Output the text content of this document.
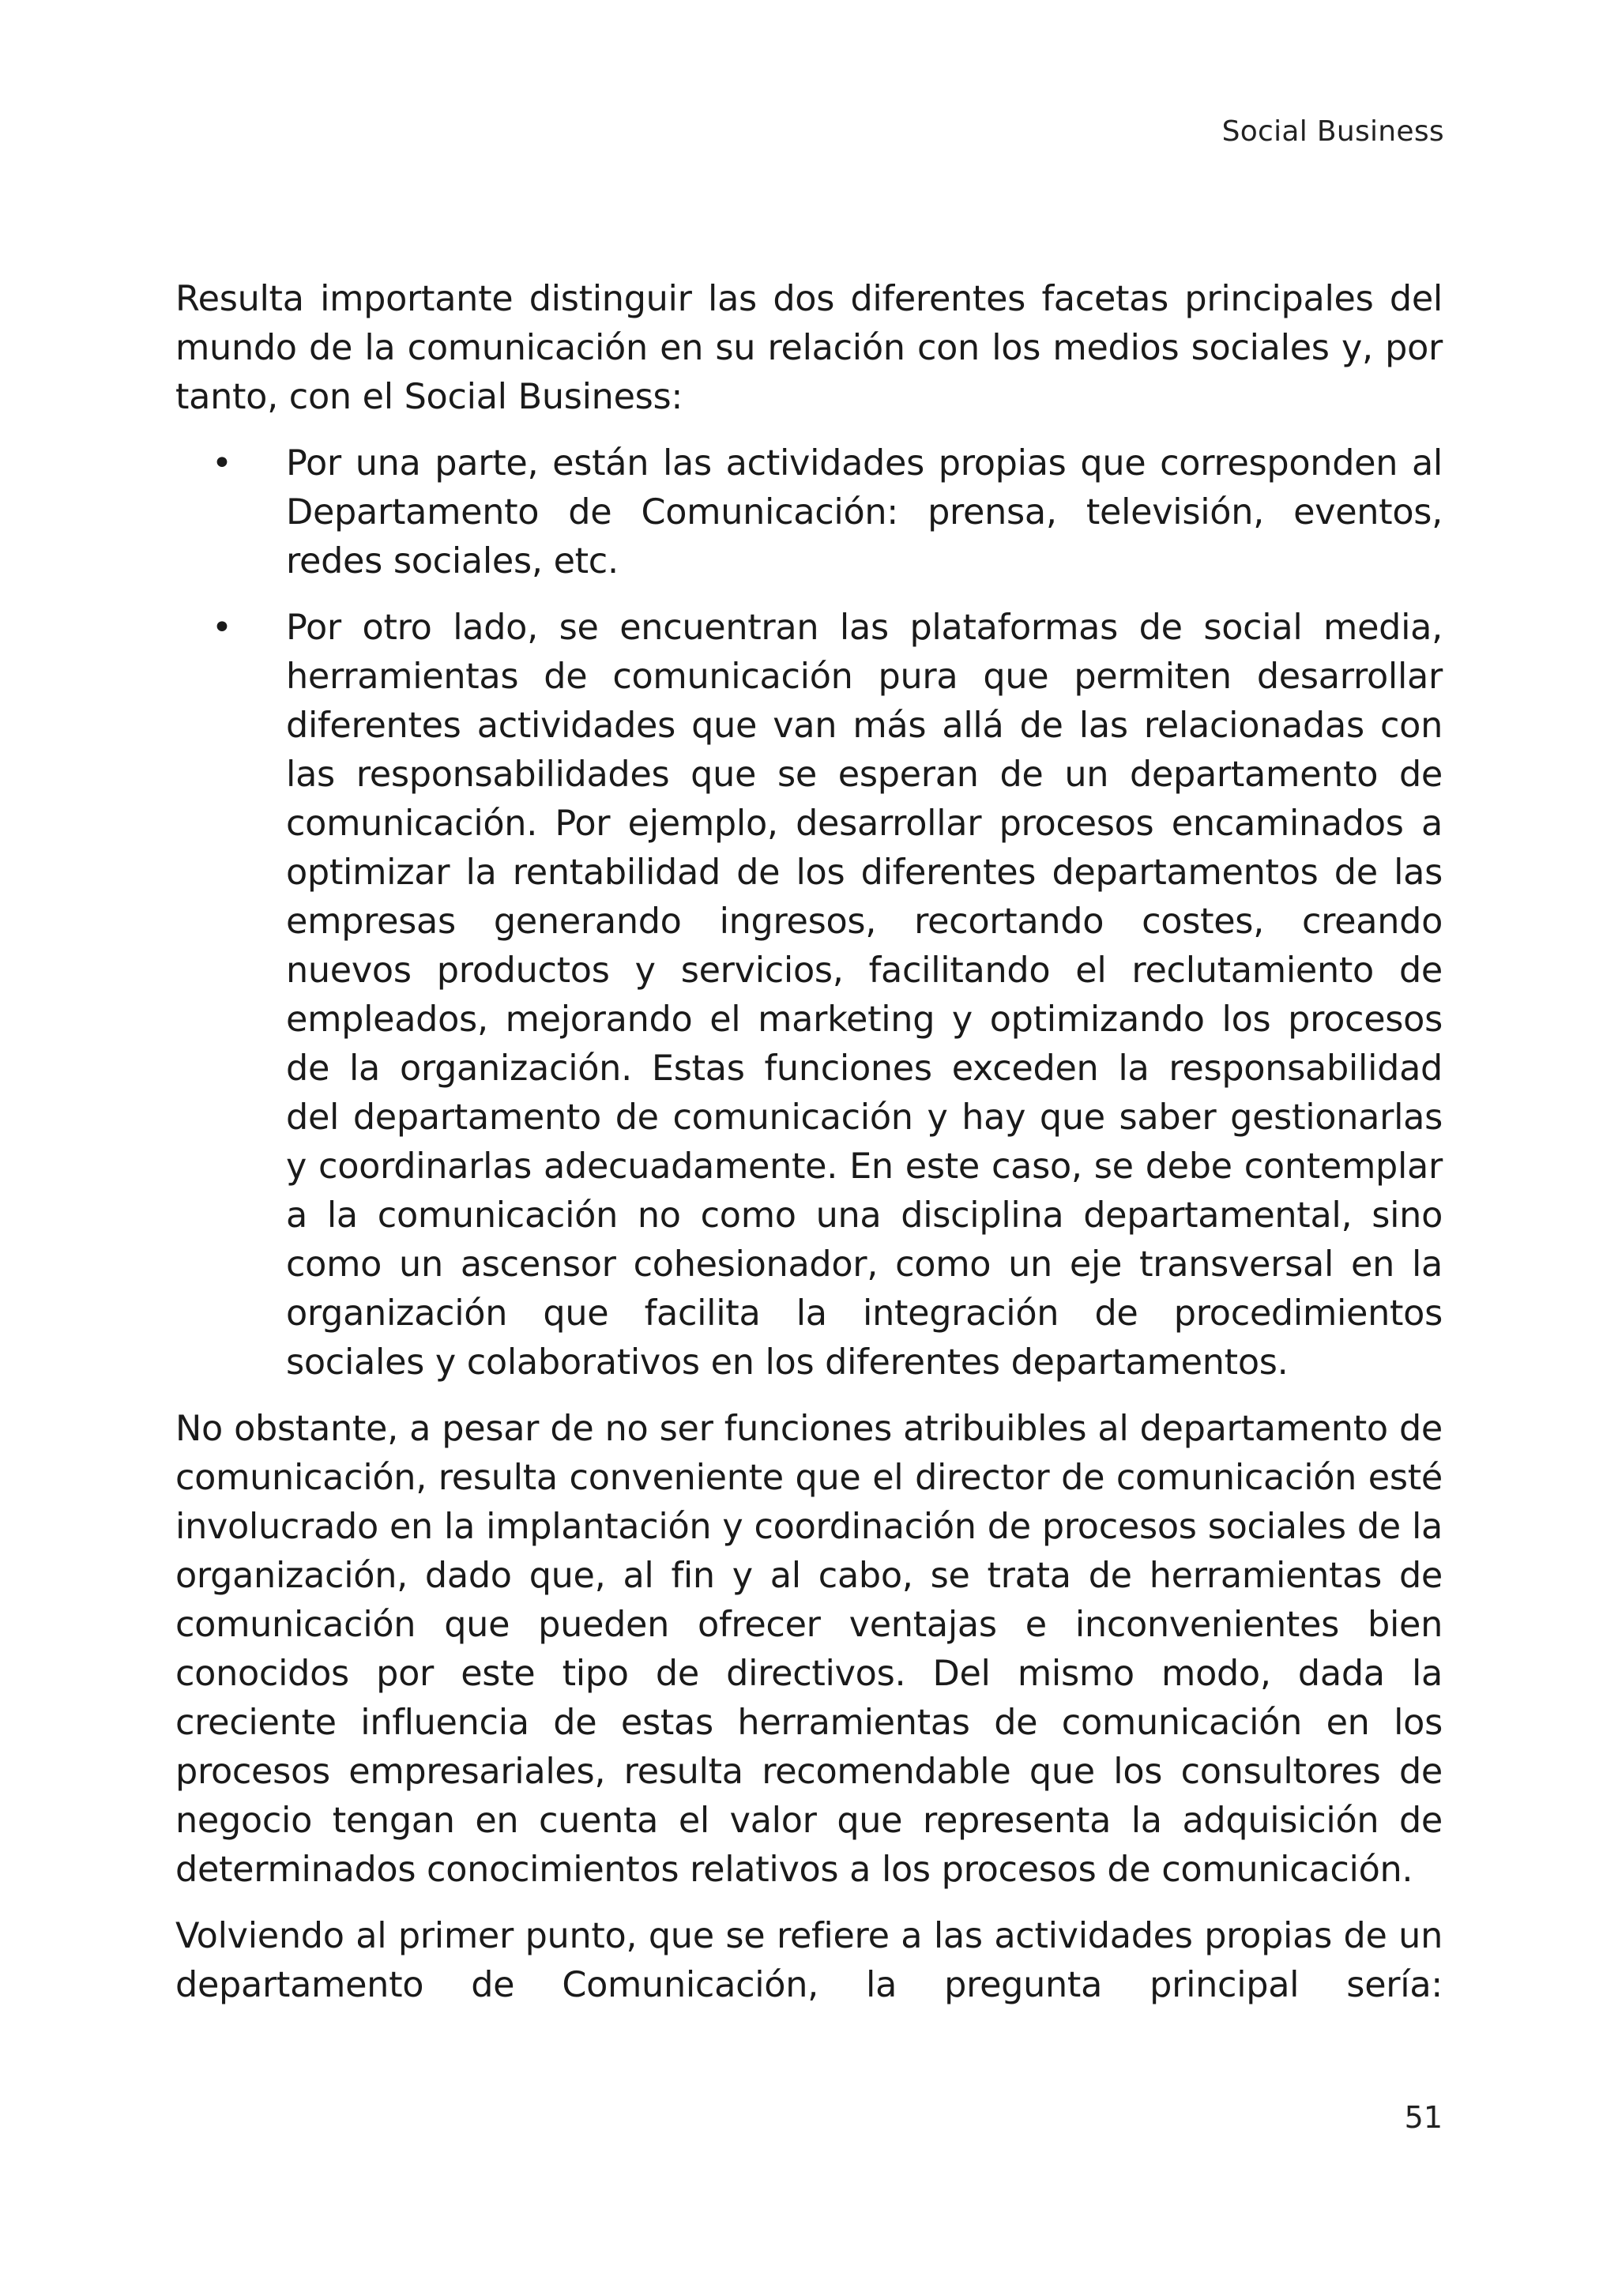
Social Business

Resulta importante distinguir las dos diferentes facetas principales del mundo de la comunicación en su relación con los medios sociales y, por tanto, con el Social Business:

• Por una parte, están las actividades propias que corresponden al Departamento de Comunicación: prensa, televisión, eventos, redes sociales, etc.
• Por otro lado, se encuentran las plataformas de social media, herramientas de comunicación pura que permiten desarrollar diferentes actividades que van más allá de las relacionadas con las responsabilidades que se esperan de un departamento de comunicación. Por ejemplo, desarrollar procesos encaminados a optimizar la rentabilidad de los diferentes departamentos de las empresas generando ingresos, recortando costes, creando nuevos productos y servicios, facilitando el reclutamiento de empleados, mejorando el marketing y optimizando los procesos de la organización. Estas funciones exceden la responsabilidad del departamento de comunicación y hay que saber gestionarlas y coordinarlas adecuadamente. En este caso, se debe contemplar a la comunicación no como una disciplina departamental, sino como un ascensor cohesionador, como un eje transversal en la organización que facilita la integración de procedimientos sociales y colaborativos en los diferentes departamentos.

No obstante, a pesar de no ser funciones atribuibles al departamento de comunicación, resulta conveniente que el director de comunicación esté involucrado en la implantación y coordinación de procesos sociales de la organización, dado que, al fin y al cabo, se trata de herramientas de comunicación que pueden ofrecer ventajas e inconvenientes bien conocidos por este tipo de directivos. Del mismo modo, dada la creciente influencia de estas herramientas de comunicación en los procesos empresariales, resulta recomendable que los consultores de negocio tengan en cuenta el valor que representa la adquisición de determinados conocimientos relativos a los procesos de comunicación.

Volviendo al primer punto, que se refiere a las actividades propias de un departamento de Comunicación, la pregunta principal sería:

51
